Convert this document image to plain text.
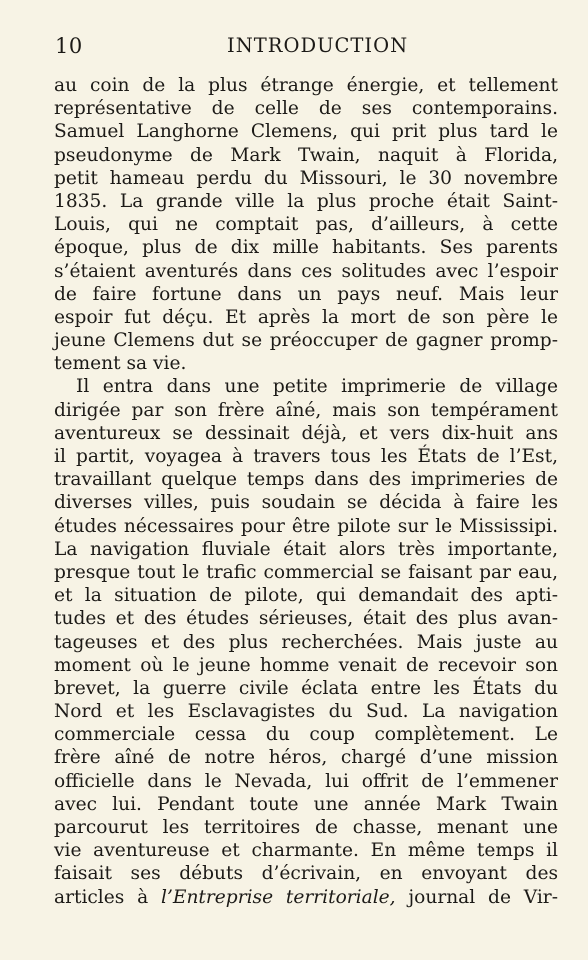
10	INTRODUCTION
au coin de la plus étrange énergie, et tellement
représentative de celle de ses contemporains.
Samuel Langhorne Clemens, qui prit plus tard le
pseudonyme de Mark Twain, naquit à Florida,
petit hameau perdu du Missouri, le 30 novembre
1835. La grande ville la plus proche était Saint-
Louis, qui ne comptait pas, d’ailleurs, à cette
époque, plus de dix mille habitants. Ses parents
s’étaient aventurés dans ces solitudes avec l’espoir
de faire fortune dans un pays neuf. Mais leur
espoir fut déçu. Et après la mort de son père le
jeune Clemens dut se préoccuper de gagner promp-
tement sa vie.
Il entra dans une petite imprimerie de village
dirigée par son frère aîné, mais son tempérament
aventureux se dessinait déjà, et vers dix-huit ans
il partit, voyagea à travers tous les États de l’Est,
travaillant quelque temps dans des imprimeries de
diverses villes, puis soudain se décida à faire les
études nécessaires pour être pilote sur le Mississipi.
La navigation fluviale était alors très importante,
presque tout le trafic commercial se faisant par eau,
et la situation de pilote, qui demandait des apti-
tudes et des études sérieuses, était des plus avan-
tageuses et des plus recherchées. Mais juste au
moment où le jeune homme venait de recevoir son
brevet, la guerre civile éclata entre les États du
Nord et les Esclavagistes du Sud. La navigation
commerciale cessa du coup complètement. Le
frère aîné de notre héros, chargé d’une mission
officielle dans le Nevada, lui offrit de l’emmener
avec lui. Pendant toute une année Mark Twain
parcourut les territoires de chasse, menant une
vie aventureuse et charmante. En même temps il
faisait ses débuts d’écrivain, en envoyant des
articles à l’Entreprise territoriale, journal de Vir-
